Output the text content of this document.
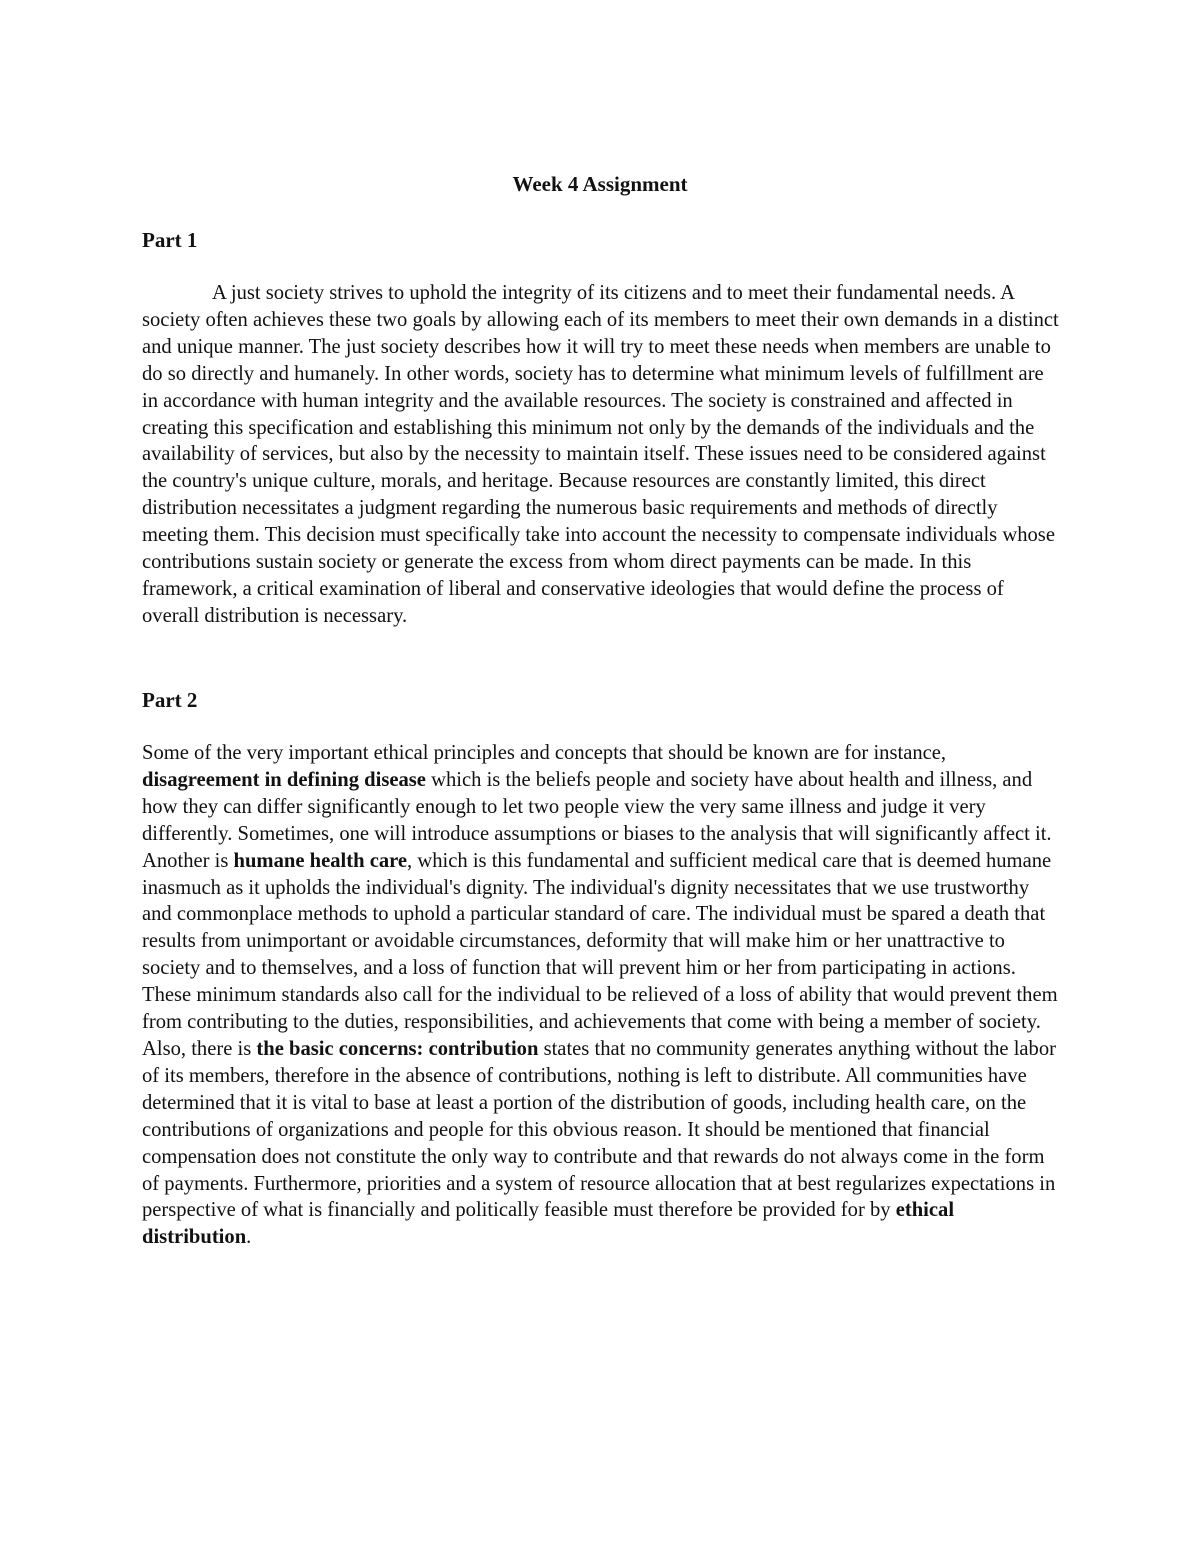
Week 4 Assignment
Part 1

A just society strives to uphold the integrity of its citizens and to meet their fundamental needs. A society often achieves these two goals by allowing each of its members to meet their own demands in a distinct and unique manner. The just society describes how it will try to meet these needs when members are unable to do so directly and humanely. In other words, society has to determine what minimum levels of fulfillment are in accordance with human integrity and the available resources. The society is constrained and affected in creating this specification and establishing this minimum not only by the demands of the individuals and the availability of services, but also by the necessity to maintain itself. These issues need to be considered against the country's unique culture, morals, and heritage. Because resources are constantly limited, this direct distribution necessitates a judgment regarding the numerous basic requirements and methods of directly meeting them. This decision must specifically take into account the necessity to compensate individuals whose contributions sustain society or generate the excess from whom direct payments can be made. In this framework, a critical examination of liberal and conservative ideologies that would define the process of overall distribution is necessary.

Part 2

Some of the very important ethical principles and concepts that should be known are for instance, disagreement in defining disease which is the beliefs people and society have about health and illness, and how they can differ significantly enough to let two people view the very same illness and judge it very differently. Sometimes, one will introduce assumptions or biases to the analysis that will significantly affect it. Another is humane health care, which is this fundamental and sufficient medical care that is deemed humane inasmuch as it upholds the individual's dignity. The individual's dignity necessitates that we use trustworthy and commonplace methods to uphold a particular standard of care. The individual must be spared a death that results from unimportant or avoidable circumstances, deformity that will make him or her unattractive to society and to themselves, and a loss of function that will prevent him or her from participating in actions. These minimum standards also call for the individual to be relieved of a loss of ability that would prevent them from contributing to the duties, responsibilities, and achievements that come with being a member of society. Also, there is the basic concerns: contribution states that no community generates anything without the labor of its members, therefore in the absence of contributions, nothing is left to distribute. All communities have determined that it is vital to base at least a portion of the distribution of goods, including health care, on the contributions of organizations and people for this obvious reason. It should be mentioned that financial compensation does not constitute the only way to contribute and that rewards do not always come in the form of payments. Furthermore, priorities and a system of resource allocation that at best regularizes expectations in perspective of what is financially and politically feasible must therefore be provided for by ethical distribution.
